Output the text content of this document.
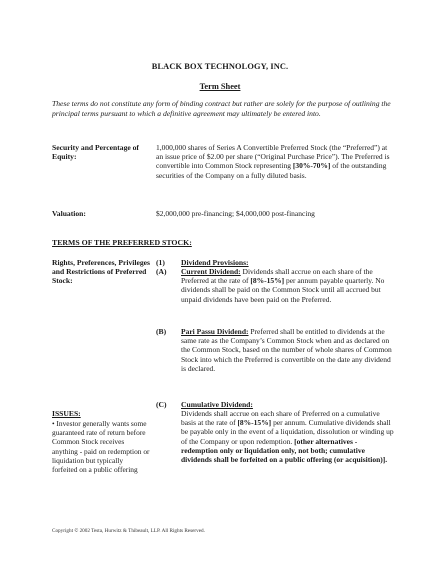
BLACK BOX TECHNOLOGY, INC.
Term Sheet
These terms do not constitute any form of binding contract but rather are solely for the purpose of outlining the principal terms pursuant to which a definitive agreement may ultimately be entered into.
Security and Percentage of Equity:
1,000,000 shares of Series A Convertible Preferred Stock (the “Preferred”) at an issue price of $2.00 per share (“Original Purchase Price”). The Preferred is convertible into Common Stock representing [30%-70%] of the outstanding securities of the Company on a fully diluted basis.
Valuation:	$2,000,000 pre-financing; $4,000,000 post-financing
TERMS OF THE PREFERRED STOCK:
Rights, Preferences, Privileges and Restrictions of Preferred Stock:
(1) Dividend Provisions:
(A) Current Dividend: Dividends shall accrue on each share of the Preferred at the rate of [8%-15%] per annum payable quarterly. No dividends shall be paid on the Common Stock until all accrued but unpaid dividends have been paid on the Preferred.
(B) Pari Passu Dividend: Preferred shall be entitled to dividends at the same rate as the Company’s Common Stock when and as declared on the Common Stock, based on the number of whole shares of Common Stock into which the Preferred is convertible on the date any dividend is declared.
(C) Cumulative Dividend:
Dividends shall accrue on each share of Preferred on a cumulative basis at the rate of [8%-15%] per annum. Cumulative dividends shall be payable only in the event of a liquidation, dissolution or winding up of the Company or upon redemption. [other alternatives - redemption only or liquidation only, not both; cumulative dividends shall be forfeited on a public offering (or acquisition)].
ISSUES:
• Investor generally wants some guaranteed rate of return before Common Stock receives anything - paid on redemption or liquidation but typically forfeited on a public offering
Copyright © 2002 Testa, Hurwitz & Thibeault, LLP. All Rights Reserved.
